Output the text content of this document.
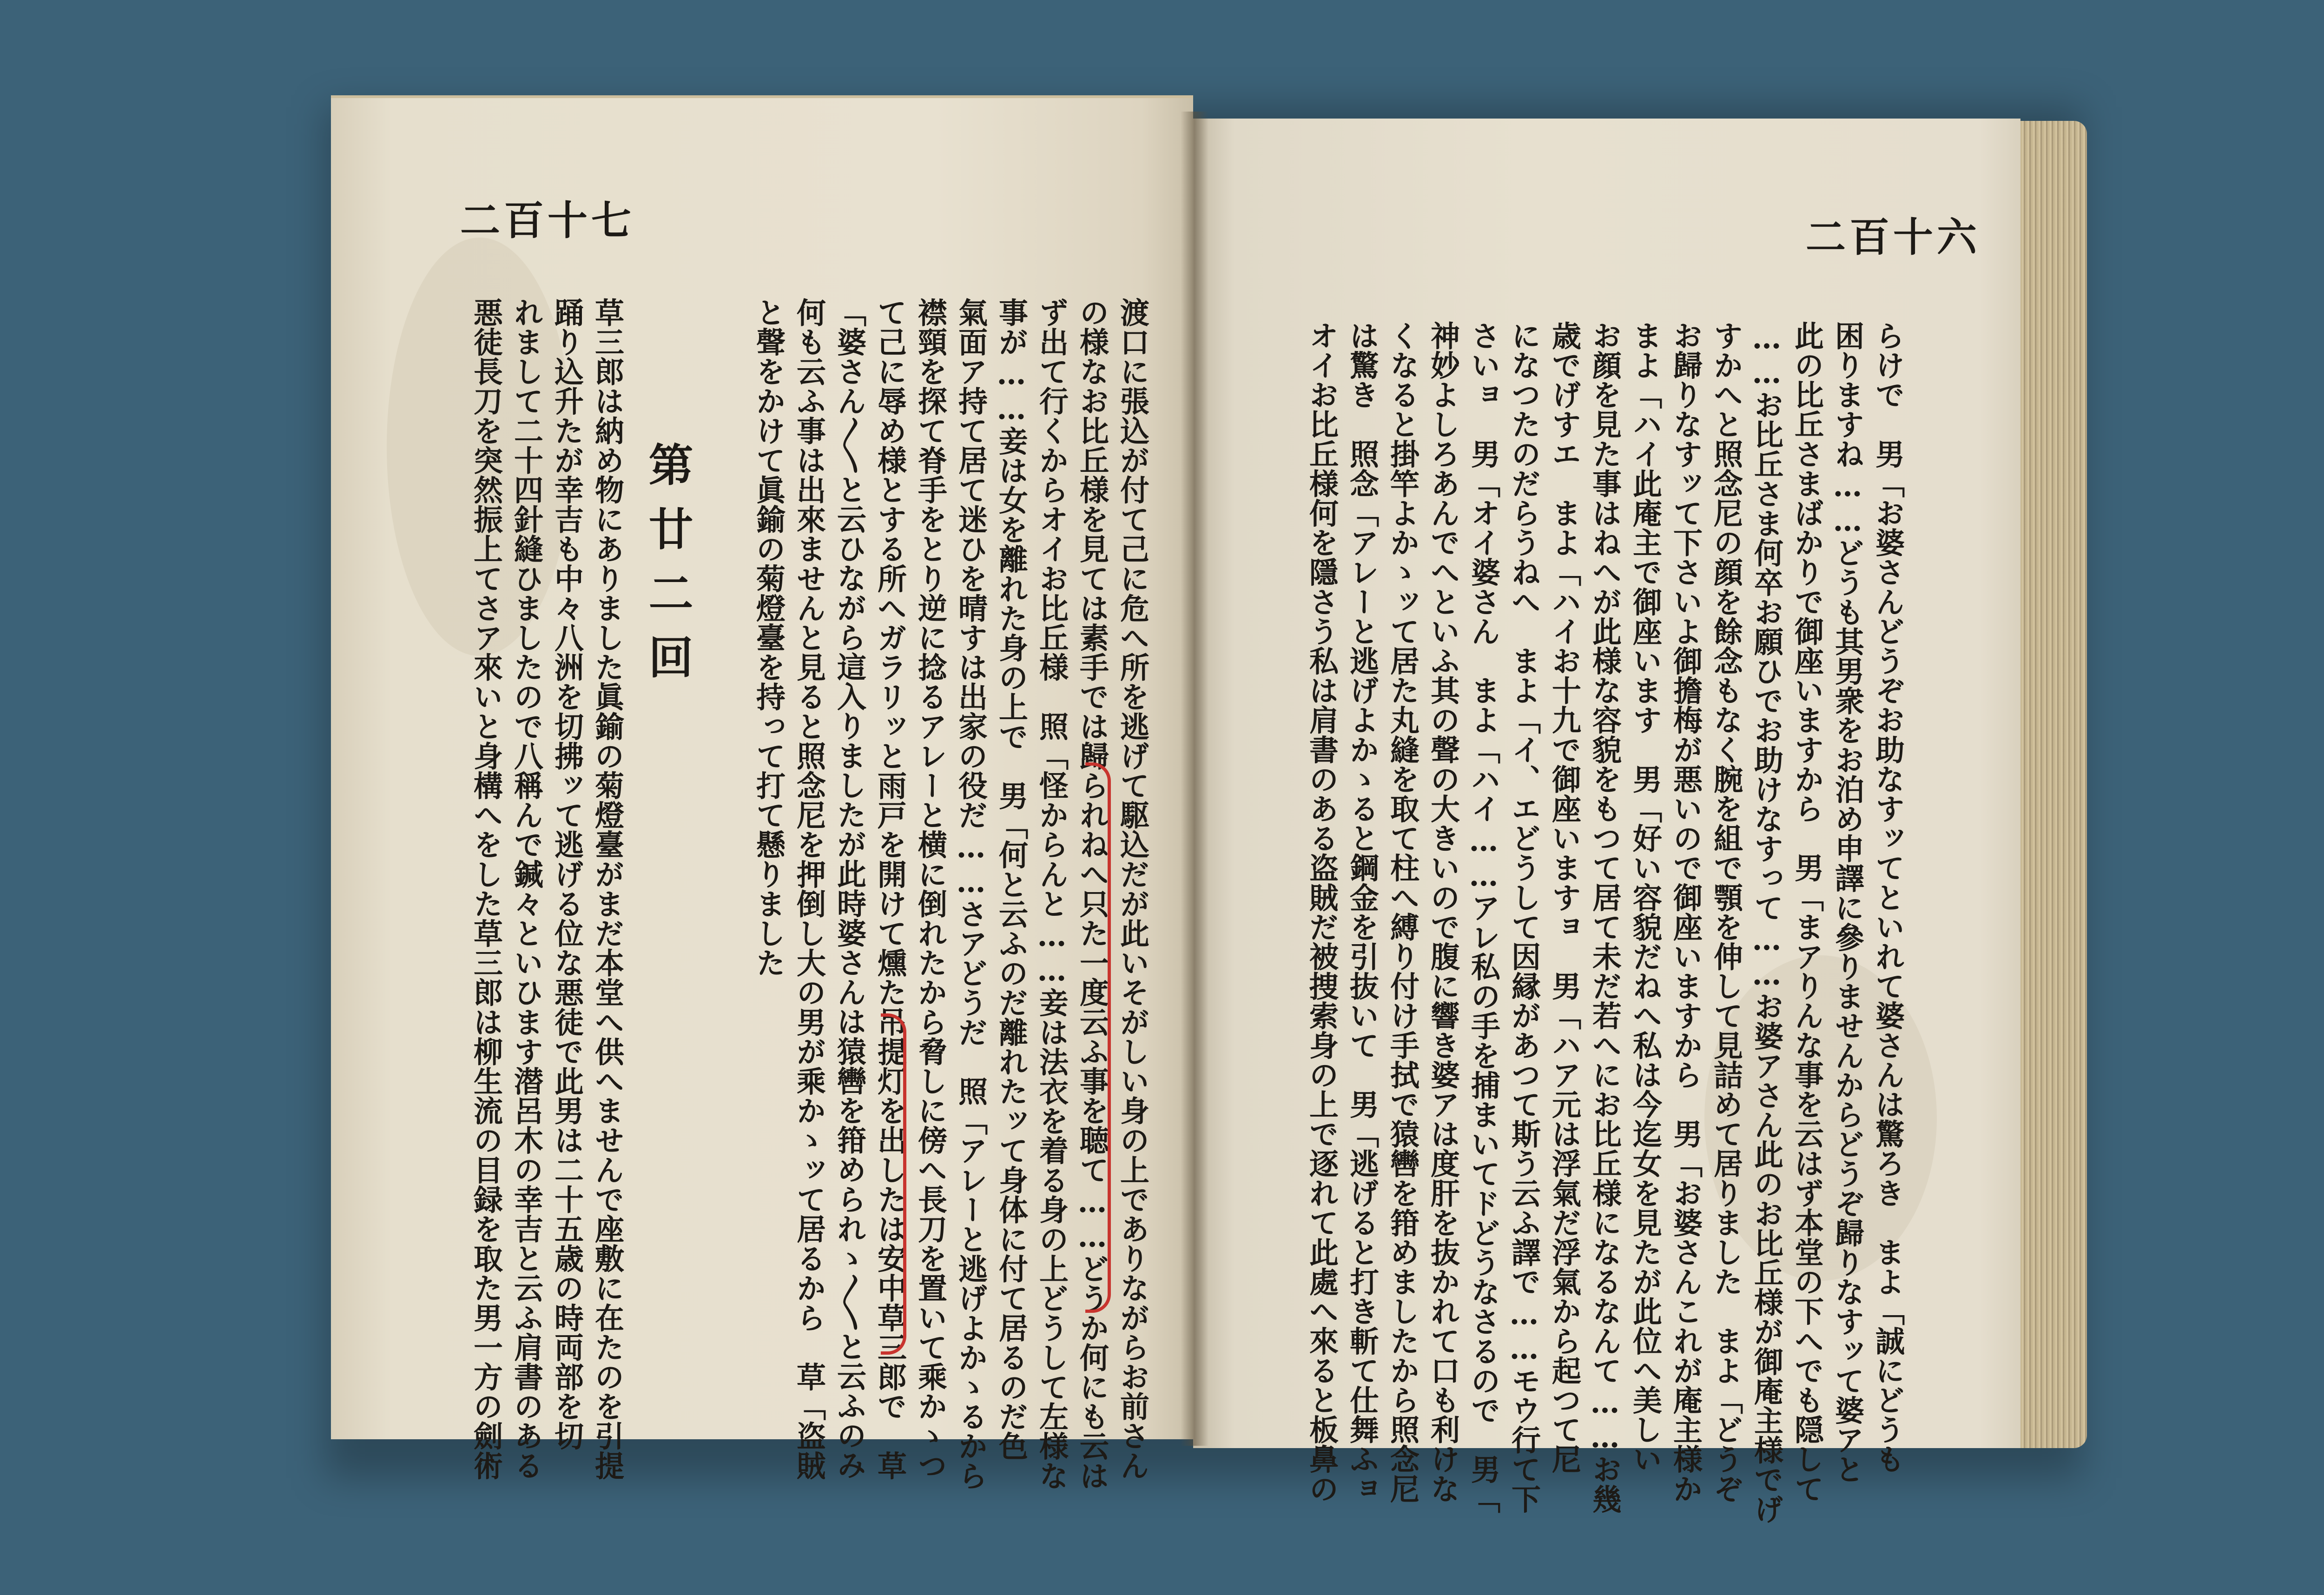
二百十七	二百十六
渡口に張込が付て己に危へ所を逃げて駆込だが此いそがしい身の上でありながらお前さん
の様なお比丘様を見ては素手では歸られねへ只た一度云ふ事を聴て……どうか何にも云は
ず出て行くからオイお比丘様　照「怪からんと……妾は法衣を着る身の上どうして左様な
事が……妾は女を離れた身の上で　男「何と云ふのだ離れたッて身体に付て居るのだ色
氣面ア持て居て迷ひを晴すは出家の役だ……さアどうだ　照「アレーと逃げよかゝるから
襟頸を探て脊手をとり逆に捻るアレーと横に倒れたから脅しに傍へ長刀を置いて乘かゝつ
て己に辱め様とする所へガラリッと雨戸を開けて燻た吊提灯を出したは安中草三郎で　草
「婆さん〳〵と云ひながら這入りましたが此時婆さんは猿轡を箝められゝ〳〵と云ふのみ
何も云ふ事は出來ませんと見ると照念尼を押倒し大の男が乘かゝッて居るから　草「盗賊
と聲をかけて眞鍮の菊燈臺を持って打て懸りました
第廿二回
草三郎は納め物にありました眞鍮の菊燈臺がまだ本堂へ供へませんで座敷に在たのを引提
踊り込升たが幸吉も中々八洲を切拂ッて逃げる位な悪徒で此男は二十五歳の時両部を切
れまして二十四針縫ひましたので八稱んで鍼々といひます潜呂木の幸吉と云ふ肩書のある
悪徒長刀を突然振上てさア來いと身構へをした草三郎は柳生流の目録を取た男一方の劍術	らけで　男「お婆さんどうぞお助なすッてといれて婆さんは驚ろき　まよ「誠にどうも
困りますね……どうも其男衆をお泊め申譯に參りませんからどうぞ歸りなすッて婆アと
此の比丘さまばかりで御座いますから　男「まアりんな事を云はず本堂の下へでも隠して
……お比丘さま何卒お願ひでお助けなすって……お婆アさん此のお比丘様が御庵主様でげ
すかへと照念尼の顔を餘念もなく腕を組で顎を伸して見詰めて居りました　まよ「どうぞ
お歸りなすッて下さいよ御擔梅が悪いので御座いますから　男「お婆さんこれが庵主様か
まよ「ハイ此庵主で御座います　男「好い容貌だねへ私は今迄女を見たが此位へ美しい
お顔を見た事はねへが此様な容貌をもつて居て未だ若へにお比丘様になるなんて……お幾
歳でげすエ　まよ「ハイお十九で御座いますョ　男「ハア元は浮氣だ浮氣から起つて尼
になつたのだらうねへ　まよ「イ、エどうして因縁があつて斯う云ふ譯で……モウ行て下
さいョ　男「オイ婆さん　まよ「ハイ……アレ私の手を捕まいてドどうなさるので　男「
神妙よしろあんでへといふ其の聲の大きいので腹に響き婆アは度肝を抜かれて口も利けな
くなると掛竿よかゝッて居た丸縫を取て柱へ縛り付け手拭で猿轡を箝めましたから照念尼
は驚き　照念「アレーと逃げよかゝると鋼金を引抜いて　男「逃げると打き斬て仕舞ふョ
オイお比丘様何を隱さう私は肩書のある盗賊だ被捜索身の上で逐れて此處へ來ると板鼻の
